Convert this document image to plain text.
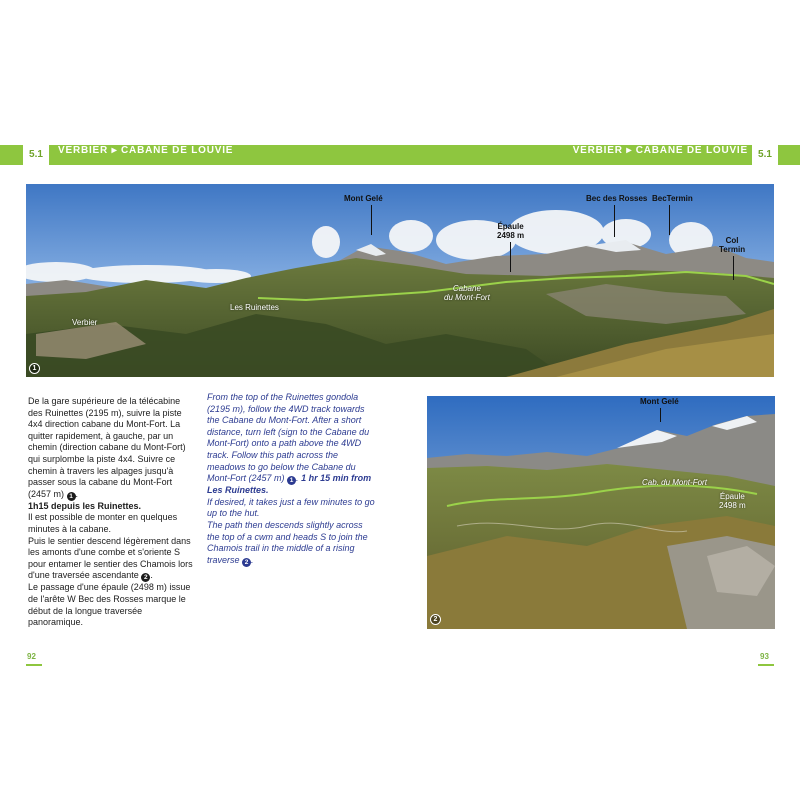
5.1	VERBIER ▸ CABANE DE LOUVIE	VERBIER ▸ CABANE DE LOUVIE	5.1
Mont Gelé	Bec des Rosses BecTermin
Épaule
2498 m
Col
Termin
Cabane
du Mont-Fort
Verbier
Les Ruinettes
1

De la gare supérieure de la télécabine des Ruinettes (2195 m), suivre la piste 4x4 direction cabane du Mont-Fort. La quitter rapidement, à gauche, par un chemin (direction cabane du Mont-Fort) qui surplombe la piste 4x4. Suivre ce chemin à travers les alpages jusqu'à passer sous la cabane du Mont-Fort (2457 m) 1 .
1h15 depuis les Ruinettes.

Il est possible de monter en quelques minutes à la cabane.

Puis le sentier descend légèrement dans les amonts d'une combe et s'oriente S pour entamer le sentier des Chamois lors d'une traversée ascendante 2 .

Le passage d'une épaule (2498 m) issue de l'arête W Bec des Rosses marque le début de la longue traversée panoramique.

From the top of the Ruinettes gondola (2195 m), follow the 4WD track towards the Cabane du Mont-Fort. After a short distance, turn left (sign to the Cabane du Mont-Fort) onto a path above the 4WD track. Follow this path across the meadows to go below the Cabane du Mont-Fort (2457 m) 1 . 1 hr 15 min from Les Ruinettes.

If desired, it takes just a few minutes to go up to the hut.

The path then descends slightly across the top of a cwm and heads S to join the Chamois trail in the middle of a rising traverse 2 .

Mont Gelé
Cab. du Mont-Fort
Épaule
2498 m
2
92	93
